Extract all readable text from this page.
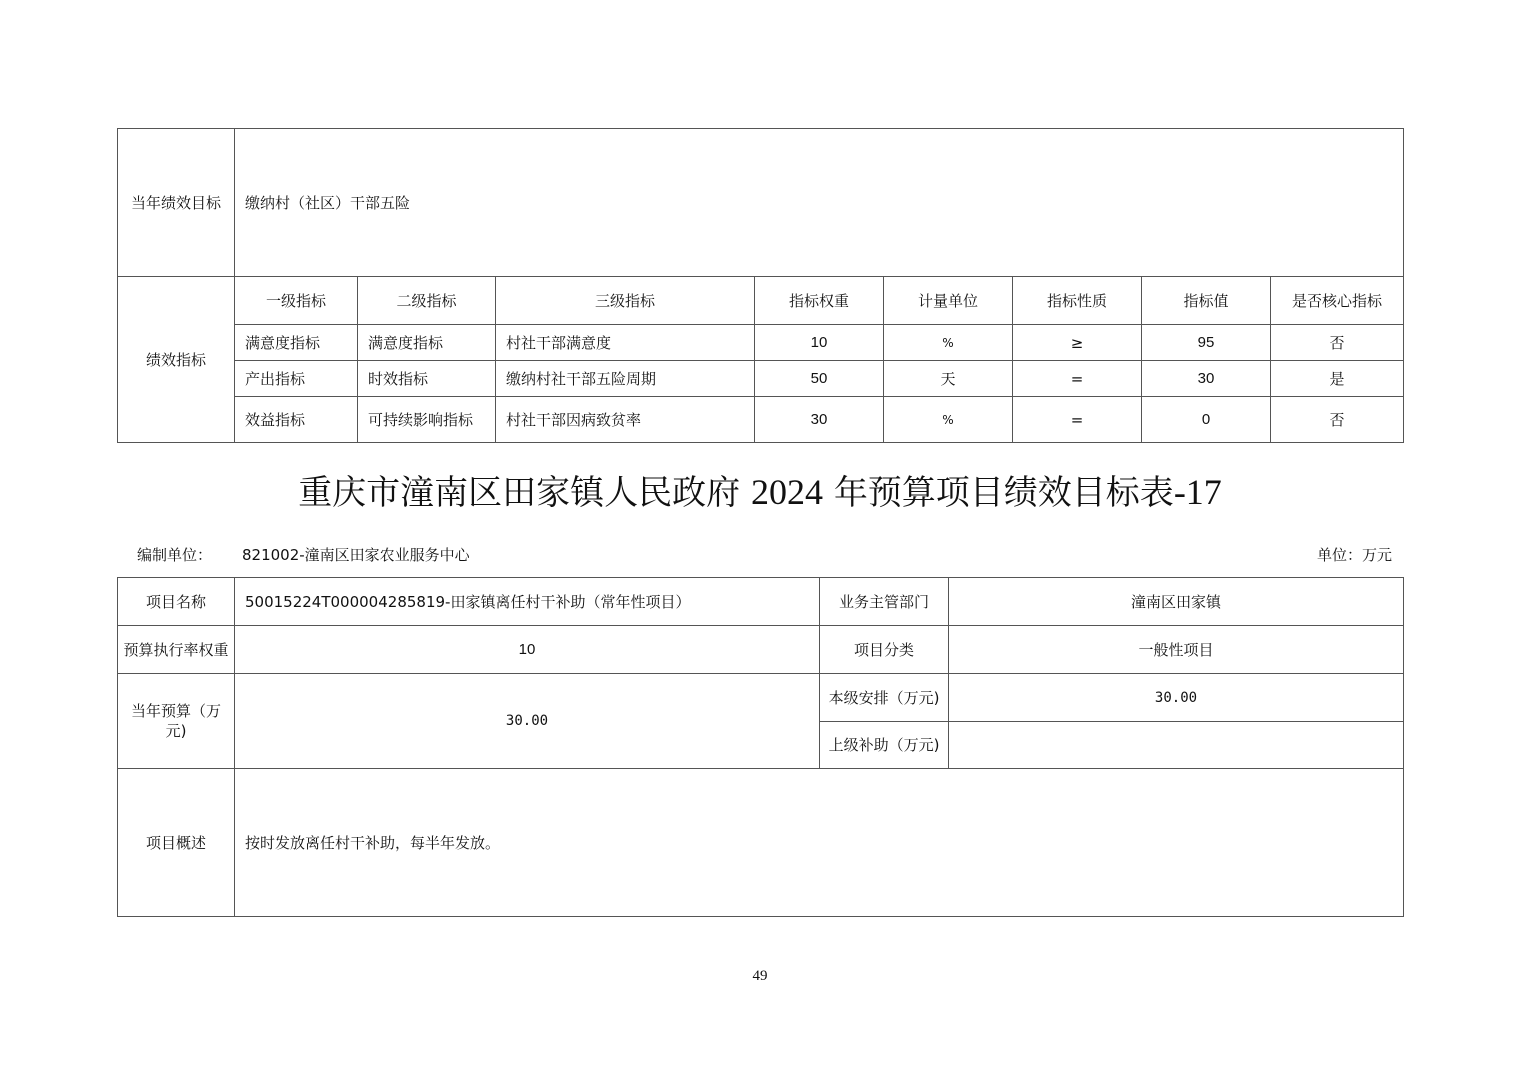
当年绩效目标	缴纳村（社区）干部五险							
绩效指标	一级指标	二级指标	三级指标	指标权重	计量单位	指标性质	指标值	是否核心指标
	满意度指标	满意度指标	村社干部满意度	10	%	≥	95	否
	产出指标	时效指标	缴纳村社干部五险周期	50	天	=	30	是
	效益指标	可持续影响指标	村社干部因病致贫率	30	%	=	0	否
重庆市潼南区田家镇人民政府 2024 年预算项目绩效目标表-17
编制单位： 821002-潼南区田家农业服务中心	单位：万元
项目名称	50015224T000004285819-田家镇离任村干补助（常年性项目）	业务主管部门	潼南区田家镇
预算执行率权重	10	项目分类	一般性项目
当年预算（万元)	30.00	本级安排（万元)	30.00
		上级补助（万元)	
项目概述	按时发放离任村干补助，每半年发放。		
49
